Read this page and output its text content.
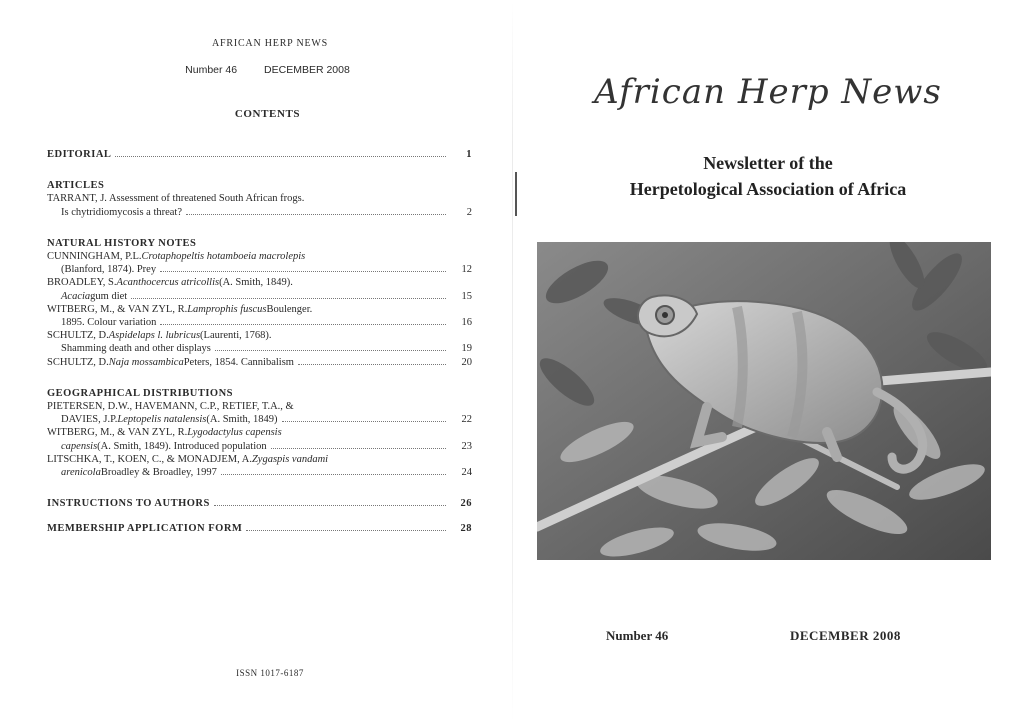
AFRICAN HERP NEWS
Number 46	DECEMBER 2008
CONTENTS
EDITORIAL	1
ARTICLES
TARRANT, J. Assessment of threatened South African frogs.
Is chytridiomycosis a threat?	2
NATURAL HISTORY NOTES
CUNNINGHAM, P.L. Crotaphopeltis hotamboeia macrolepis
(Blanford, 1874). Prey	12
BROADLEY, S. Acanthocercus atricollis (A. Smith, 1849).
Acacia gum diet	15
WITBERG, M., & VAN ZYL, R. Lamprophis fuscus Boulenger.
1895. Colour variation	16
SCHULTZ, D. Aspidelaps l. lubricus (Laurenti, 1768).
Shamming death and other displays	19
SCHULTZ, D. Naja mossambica Peters, 1854. Cannibalism	20
GEOGRAPHICAL DISTRIBUTIONS
PIETERSEN, D.W., HAVEMANN, C.P., RETIEF, T.A., &
DAVIES, J.P. Leptopelis natalensis (A. Smith, 1849)	22
WITBERG, M., & VAN ZYL, R. Lygodactylus capensis
capensis (A. Smith, 1849). Introduced population	23
LITSCHKA, T., KOEN, C., & MONADJEM, A. Zygaspis vandami
arenicola Broadley & Broadley, 1997	24
INSTRUCTIONS TO AUTHORS	26
MEMBERSHIP APPLICATION FORM	28
ISSN 1017-6187
African Herp News
Newsletter of the
Herpetological Association of Africa
Number 46	DECEMBER 2008
